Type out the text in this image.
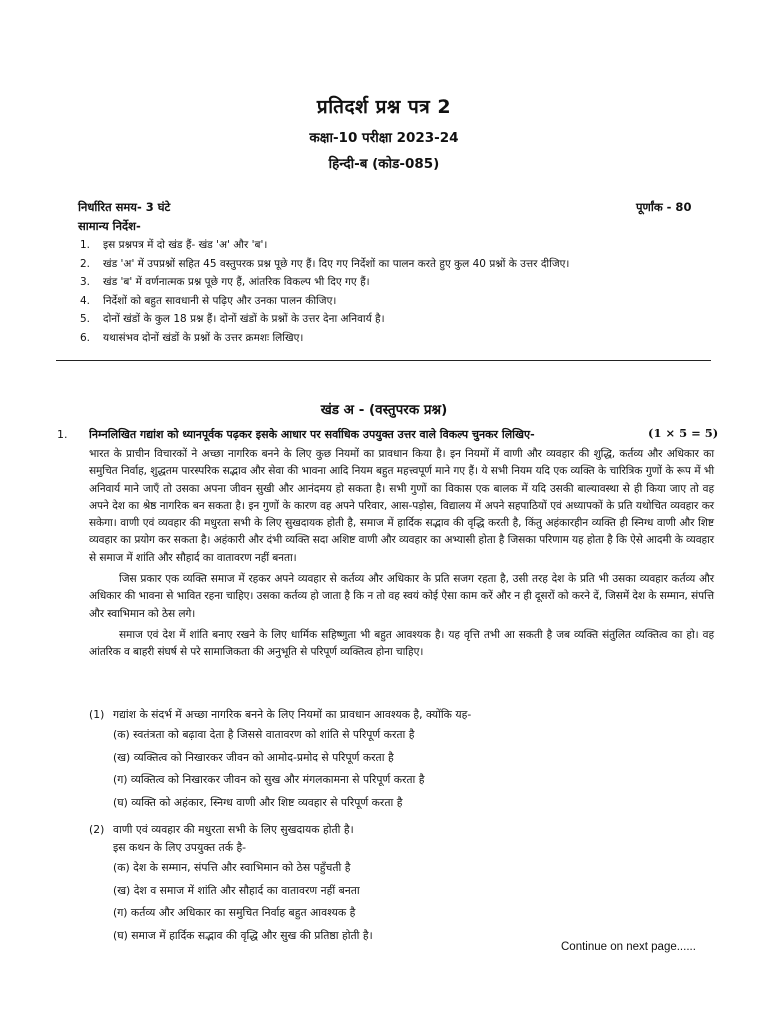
प्रतिदर्श प्रश्न पत्र 2
कक्षा-10 परीक्षा 2023-24
हिन्दी-ब (कोड-085)
निर्धारित समय- 3 घंटे	पूर्णांक - 80
सामान्य निर्देश-
1.	इस प्रश्नपत्र में दो खंड हैं- खंड 'अ' और 'ब'।
2.	खंड 'अ' में उपप्रश्नों सहित 45 वस्तुपरक प्रश्न पूछे गए हैं। दिए गए निर्देशों का पालन करते हुए कुल 40 प्रश्नों के उत्तर दीजिए।
3.	खंड 'ब' में वर्णनात्मक प्रश्न पूछे गए हैं, आंतरिक विकल्प भी दिए गए हैं।
4.	निर्देशों को बहुत सावधानी से पढ़िए और उनका पालन कीजिए।
5.	दोनों खंडों के कुल 18 प्रश्न हैं। दोनों खंडों के प्रश्नों के उत्तर देना अनिवार्य है।
6.	यथासंभव दोनों खंडों के प्रश्नों के उत्तर क्रमशः लिखिए।
खंड अ - (वस्तुपरक प्रश्न)
1. निम्नलिखित गद्यांश को ध्यानपूर्वक पढ़कर इसके आधार पर सर्वाधिक उपयुक्त उत्तर वाले विकल्प चुनकर लिखिए-	(1 × 5 = 5)

भारत के प्राचीन विचारकों ने अच्छा नागरिक बनने के लिए कुछ नियमों का प्रावधान किया है। इन नियमों में वाणी और व्यवहार की शुद्धि, कर्तव्य और अधिकार का समुचित निर्वाह, शुद्धतम पारस्परिक सद्भाव और सेवा की भावना आदि नियम बहुत महत्त्वपूर्ण माने गए हैं। ये सभी नियम यदि एक व्यक्ति के चारित्रिक गुणों के रूप में भी अनिवार्य माने जाएँ तो उसका अपना जीवन सुखी और आनंदमय हो सकता है। सभी गुणों का विकास एक बालक में यदि उसकी बाल्यावस्था से ही किया जाए तो वह अपने देश का श्रेष्ठ नागरिक बन सकता है। इन गुणों के कारण वह अपने परिवार, आस-पड़ोस, विद्यालय में अपने सहपाठियों एवं अध्यापकों के प्रति यथोचित व्यवहार कर सकेगा। वाणी एवं व्यवहार की मधुरता सभी के लिए सुखदायक होती है, समाज में हार्दिक सद्भाव की वृद्धि करती है, किंतु अहंकारहीन व्यक्ति ही स्निग्ध वाणी और शिष्ट व्यवहार का प्रयोग कर सकता है। अहंकारी और दंभी व्यक्ति सदा अशिष्ट वाणी और व्यवहार का अभ्यासी होता है जिसका परिणाम यह होता है कि ऐसे आदमी के व्यवहार से समाज में शांति और सौहार्द का वातावरण नहीं बनता।

जिस प्रकार एक व्यक्ति समाज में रहकर अपने व्यवहार से कर्तव्य और अधिकार के प्रति सजग रहता है, उसी तरह देश के प्रति भी उसका व्यवहार कर्तव्य और अधिकार की भावना से भावित रहना चाहिए। उसका कर्तव्य हो जाता है कि न तो वह स्वयं कोई ऐसा काम करें और न ही दूसरों को करने दें, जिसमें देश के सम्मान, संपत्ति और स्वाभिमान को ठेस लगे।

समाज एवं देश में शांति बनाए रखने के लिए धार्मिक सहिष्णुता भी बहुत आवश्यक है। यह वृत्ति तभी आ सकती है जब व्यक्ति संतुलित व्यक्तित्व का हो। वह आंतरिक व बाहरी संघर्ष से परे सामाजिकता की अनुभूति से परिपूर्ण व्यक्तित्व होना चाहिए।

(1) गद्यांश के संदर्भ में अच्छा नागरिक बनने के लिए नियमों का प्रावधान आवश्यक है, क्योंकि यह-
(क) स्वतंत्रता को बढ़ावा देता है जिससे वातावरण को शांति से परिपूर्ण करता है
(ख) व्यक्तित्व को निखारकर जीवन को आमोद-प्रमोद से परिपूर्ण करता है
(ग) व्यक्तित्व को निखारकर जीवन को सुख और मंगलकामना से परिपूर्ण करता है
(घ) व्यक्ति को अहंकार, स्निग्ध वाणी और शिष्ट व्यवहार से परिपूर्ण करता है
(2) वाणी एवं व्यवहार की मधुरता सभी के लिए सुखदायक होती है।
इस कथन के लिए उपयुक्त तर्क है-
(क) देश के सम्मान, संपत्ति और स्वाभिमान को ठेस पहुँचती है
(ख) देश व समाज में शांति और सौहार्द का वातावरण नहीं बनता
(ग) कर्तव्य और अधिकार का समुचित निर्वाह बहुत आवश्यक है
(घ) समाज में हार्दिक सद्भाव की वृद्धि और सुख की प्रतिष्ठा होती है।
Continue on next page......
